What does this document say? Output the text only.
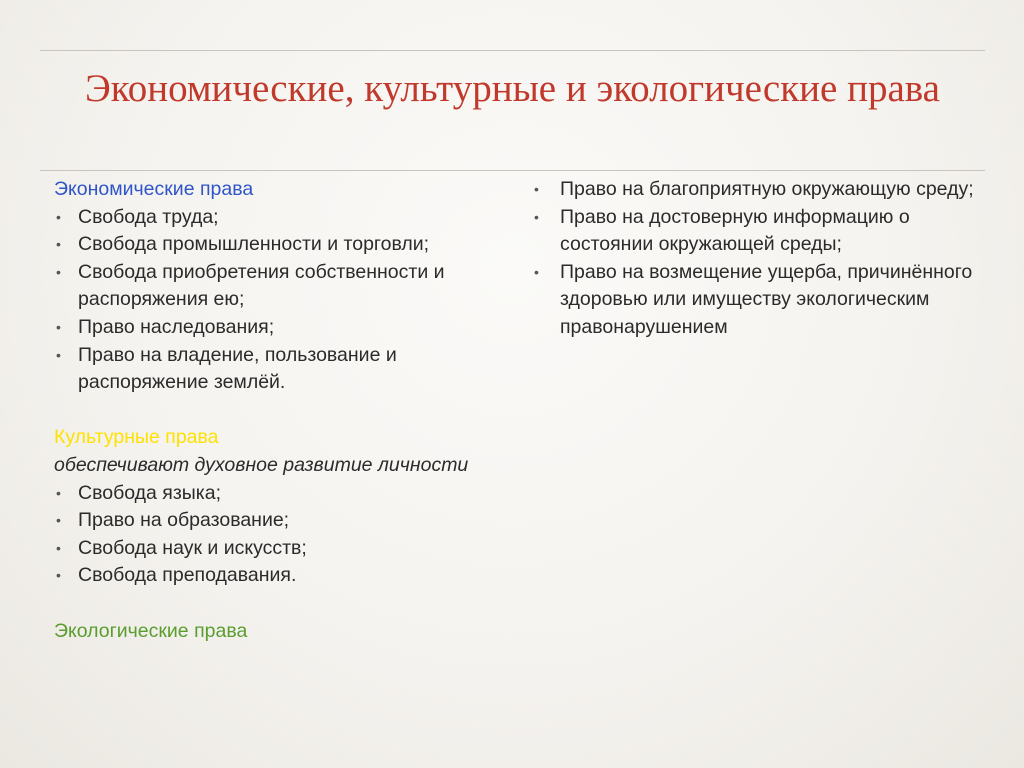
Экономические, культурные и экологические права

Экономические права

• Свобода труда;
• Свобода промышленности и торговли;
• Свобода приобретения собственности и распоряжения ею;
• Право наследования;
• Право на владение, пользование и распоряжение землёй.

Культурные права

обеспечивают духовное развитие личности

• Свобода языка;
• Право на образование;
• Свобода наук и искусств;
• Свобода преподавания.

Экологические права

• Право на благоприятную окружающую среду;
• Право на достоверную информацию о состоянии окружающей среды;
• Право на возмещение ущерба, причинённого здоровью или имуществу экологическим правонарушением
